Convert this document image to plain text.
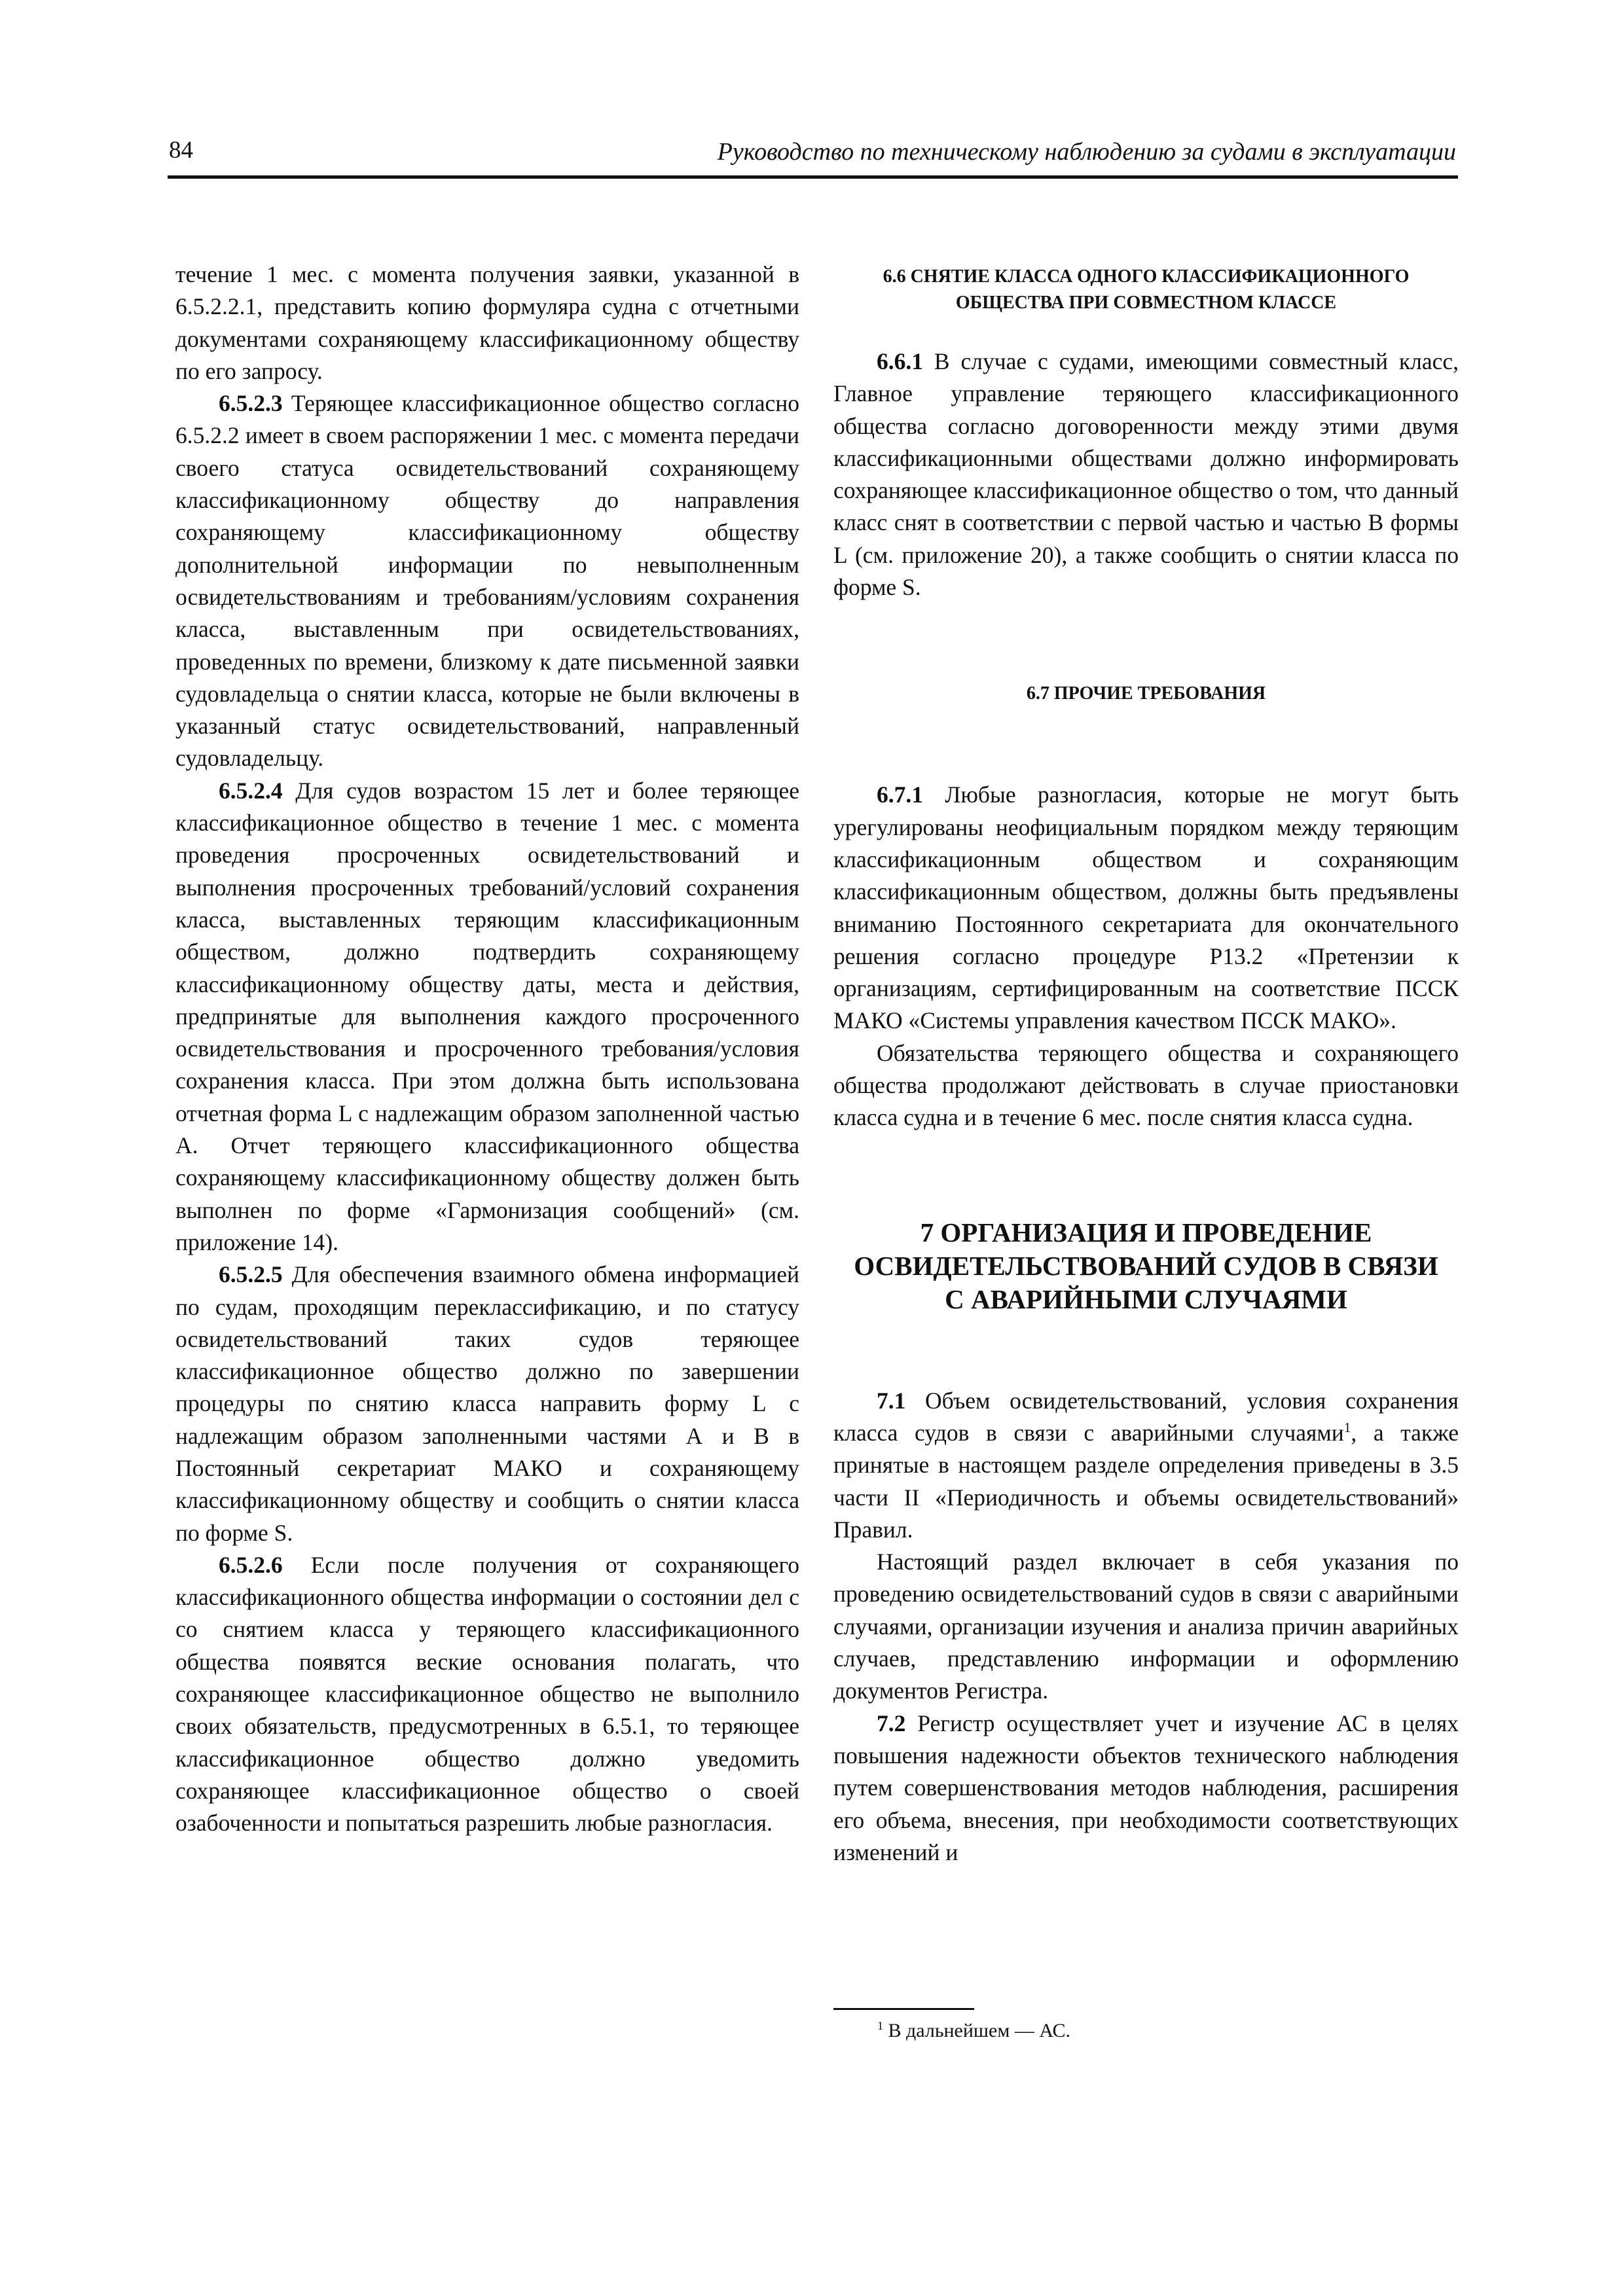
84	Руководство по техническому наблюдению за судами в эксплуатации

течение 1 мес. с момента получения заявки, указанной в 6.5.2.2.1, представить копию формуляра судна с отчетными документами сохраняющему классификационному обществу по его запросу.

6.5.2.3 Теряющее классификационное общество согласно 6.5.2.2 имеет в своем распоряжении 1 мес. с момента передачи своего статуса освидетельствований сохраняющему классификационному обществу до направления сохраняющему классификационному обществу дополнительной информации по невыполненным освидетельствованиям и требованиям/условиям сохранения класса, выставленным при освидетельствованиях, проведенных по времени, близкому к дате письменной заявки судовладельца о снятии класса, которые не были включены в указанный статус освидетельствований, направленный судовладельцу.

6.5.2.4 Для судов возрастом 15 лет и более теряющее классификационное общество в течение 1 мес. с момента проведения просроченных освидетельствований и выполнения просроченных требований/условий сохранения класса, выставленных теряющим классификационным обществом, должно подтвердить сохраняющему классификационному обществу даты, места и действия, предпринятые для выполнения каждого просроченного освидетельствования и просроченного требования/условия сохранения класса. При этом должна быть использована отчетная форма L с надлежащим образом заполненной частью А. Отчет теряющего классификационного общества сохраняющему классификационному обществу должен быть выполнен по форме «Гармонизация сообщений» (см. приложение 14).

6.5.2.5 Для обеспечения взаимного обмена информацией по судам, проходящим переклассификацию, и по статусу освидетельствований таких судов теряющее классификационное общество должно по завершении процедуры по снятию класса направить форму L с надлежащим образом заполненными частями А и В в Постоянный секретариат МАКО и сохраняющему классификационному обществу и сообщить о снятии класса по форме S.

6.5.2.6 Если после получения от сохраняющего классификационного общества информации о состоянии дел с со снятием класса у теряющего классификационного общества появятся веские основания полагать, что сохраняющее классификационное общество не выполнило своих обязательств, предусмотренных в 6.5.1, то теряющее классификационное общество должно уведомить сохраняющее классификационное общество о своей озабоченности и попытаться разрешить любые разногласия.

6.6 СНЯТИЕ КЛАССА ОДНОГО КЛАССИФИКАЦИОННОГО
ОБЩЕСТВА ПРИ СОВМЕСТНОМ КЛАССЕ

6.6.1 В случае с судами, имеющими совместный класс, Главное управление теряющего классификационного общества согласно договоренности между этими двумя классификационными обществами должно информировать сохраняющее классификационное общество о том, что данный класс снят в соответствии с первой частью и частью В формы L (см. приложение 20), а также сообщить о снятии класса по форме S.

6.7 ПРОЧИЕ ТРЕБОВАНИЯ

6.7.1 Любые разногласия, которые не могут быть урегулированы неофициальным порядком между теряющим классификационным обществом и сохраняющим классификационным обществом, должны быть предъявлены вниманию Постоянного секретариата для окончательного решения согласно процедуре Р13.2 «Претензии к организациям, сертифицированным на соответствие ПССК МАКО «Системы управления качеством ПССК МАКО».

Обязательства теряющего общества и сохраняющего общества продолжают действовать в случае приостановки класса судна и в течение 6 мес. после снятия класса судна.

7 ОРГАНИЗАЦИЯ И ПРОВЕДЕНИЕ
ОСВИДЕТЕЛЬСТВОВАНИЙ СУДОВ В СВЯЗИ
С АВАРИЙНЫМИ СЛУЧАЯМИ

7.1 Объем освидетельствований, условия сохранения класса судов в связи с аварийными случаями$^1$, а также принятые в настоящем разделе определения приведены в 3.5 части II «Периодичность и объемы освидетельствований» Правил.

Настоящий раздел включает в себя указания по проведению освидетельствований судов в связи с аварийными случаями, организации изучения и анализа причин аварийных случаев, представлению информации и оформлению документов Регистра.

7.2 Регистр осуществляет учет и изучение АС в целях повышения надежности объектов технического наблюдения путем совершенствования методов наблюдения, расширения его объема, внесения, при необходимости соответствующих изменений и

$^1$ В дальнейшем — АС.
